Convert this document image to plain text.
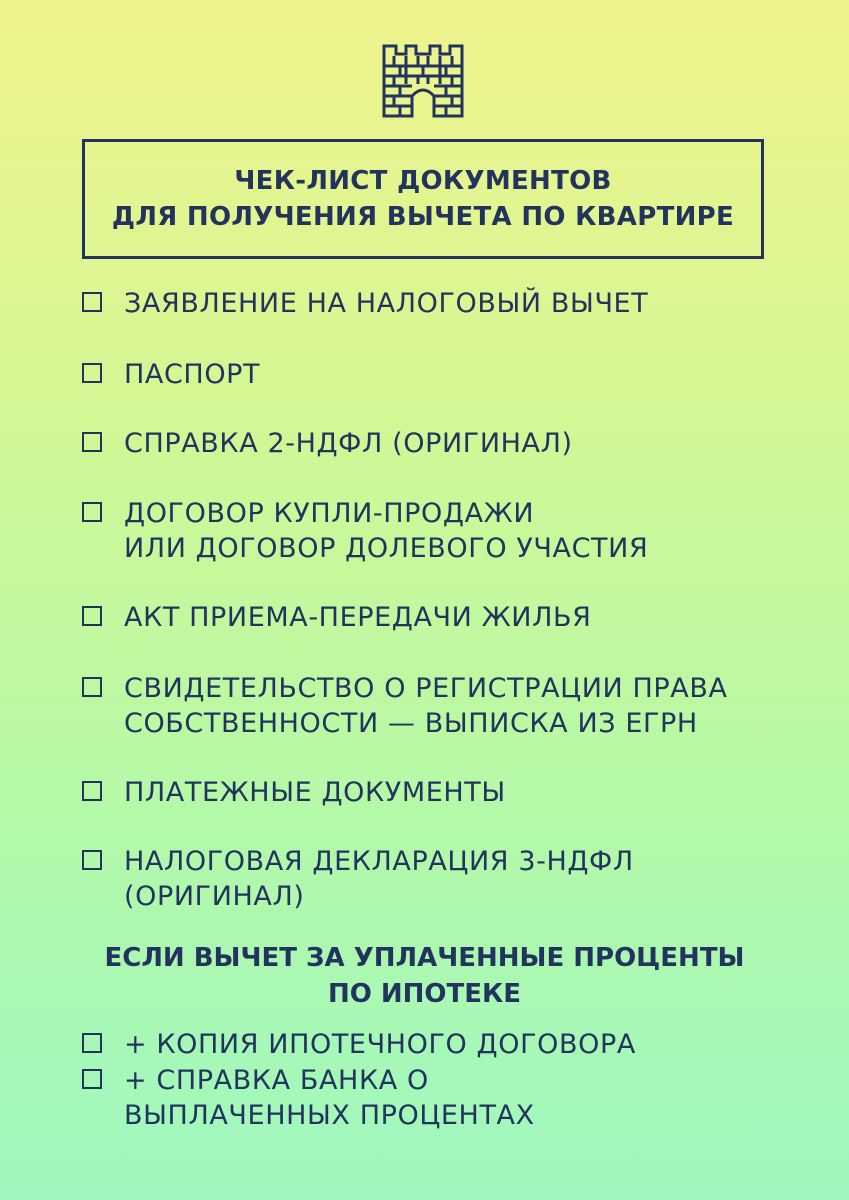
ЧЕК-ЛИСТ ДОКУМЕНТОВ
ДЛЯ ПОЛУЧЕНИЯ ВЫЧЕТА ПО КВАРТИРЕ
ЗАЯВЛЕНИЕ НА НАЛОГОВЫЙ ВЫЧЕТ
ПАСПОРТ
СПРАВКА 2-НДФЛ (ОРИГИНАЛ)
ДОГОВОР КУПЛИ-ПРОДАЖИ
ИЛИ ДОГОВОР ДОЛЕВОГО УЧАСТИЯ
АКТ ПРИЕМА-ПЕРЕДАЧИ ЖИЛЬЯ
СВИДЕТЕЛЬСТВО О РЕГИСТРАЦИИ ПРАВА
СОБСТВЕННОСТИ — ВЫПИСКА ИЗ ЕГРН
ПЛАТЕЖНЫЕ ДОКУМЕНТЫ
НАЛОГОВАЯ ДЕКЛАРАЦИЯ 3-НДФЛ
(ОРИГИНАЛ)
ЕСЛИ ВЫЧЕТ ЗА УПЛАЧЕННЫЕ ПРОЦЕНТЫ
ПО ИПОТЕКЕ
+ КОПИЯ ИПОТЕЧНОГО ДОГОВОРА
+ СПРАВКА БАНКА О
ВЫПЛАЧЕННЫХ ПРОЦЕНТАХ
